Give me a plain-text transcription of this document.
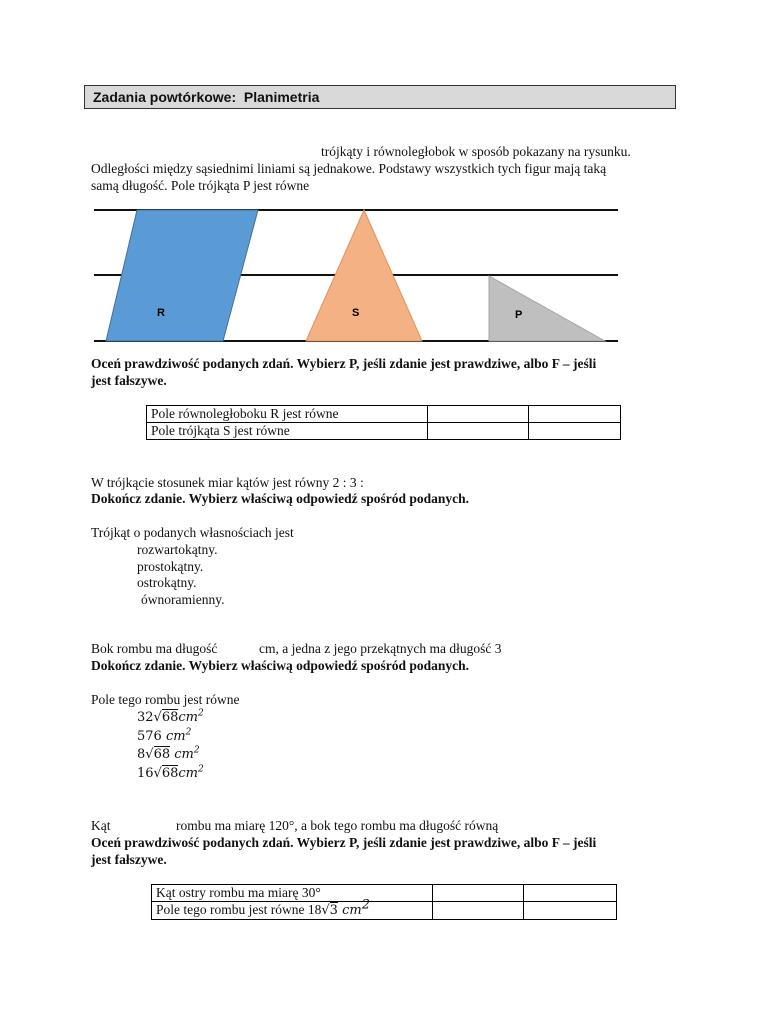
Zadania powtórkowe:  Planimetria
trójkąty i równoległobok w sposób pokazany na rysunku.
Odległości między sąsiednimi liniami są jednakowe. Podstawy wszystkich tych figur mają taką
samą długość. Pole trójkąta P jest równe
R	S	P
Oceń prawdziwość podanych zdań. Wybierz P, jeśli zdanie jest prawdziwe, albo F – jeśli
jest fałszywe.
Pole równoległoboku R jest równe		
Pole trójkąta S jest równe		
W trójkącie stosunek miar kątów jest równy 2 : 3 :
Dokończ zdanie. Wybierz właściwą odpowiedź spośród podanych.
Trójkąt o podanych własnościach jest
rozwartokątny.
prostokątny.
ostrokątny.
ównoramienny.
Bok rombu ma długość	cm, a jedna z jego przekątnych ma długość 3
Dokończ zdanie. Wybierz właściwą odpowiedź spośród podanych.
Pole tego rombu jest równe
$32√68cm^2$
576 $cm^2$
8√68 $cm^2$
$16√68cm^2$
Kąt	rombu ma miarę 120°, a bok tego rombu ma długość równą
Oceń prawdziwość podanych zdań. Wybierz P, jeśli zdanie jest prawdziwe, albo F – jeśli
jest fałszywe.
Kąt ostry rombu ma miarę 30°		
Pole tego rombu jest równe 18√3 $cm^2$		
